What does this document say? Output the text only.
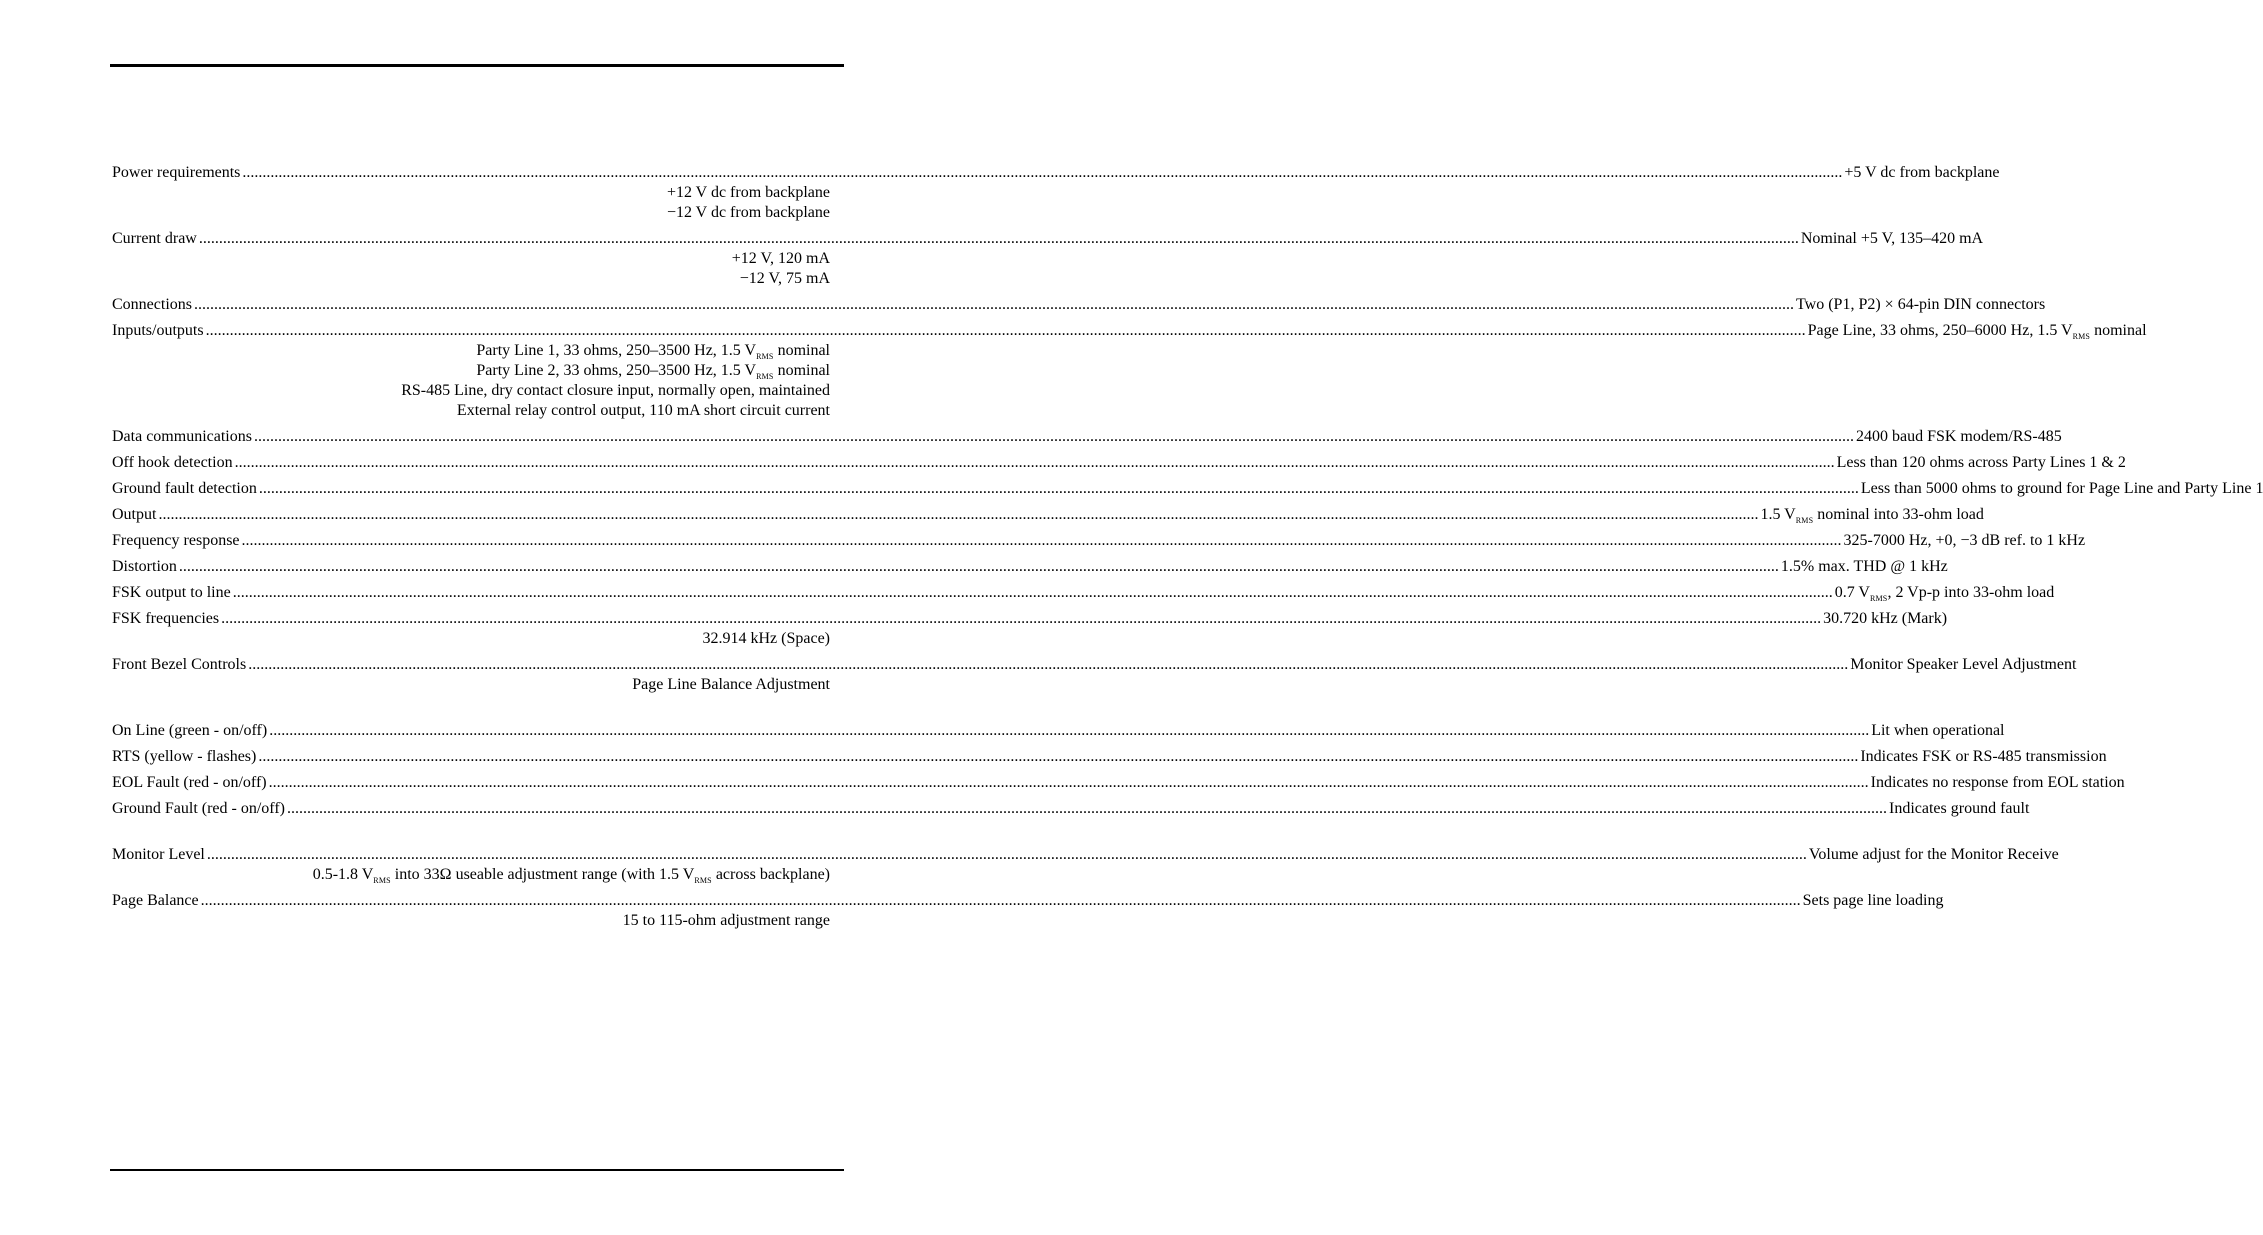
Power requirements ................................................................................................................................................................................................................................................................................................................................................................................................................ +5 V dc from backplane
+12 V dc from backplane
−12 V dc from backplane
Current draw ................................................................................................................................................................................................................................................................................................................................................................................................................ Nominal +5 V, 135–420 mA
+12 V, 120 mA
−12 V, 75 mA
Connections ................................................................................................................................................................................................................................................................................................................................................................................................................ Two (P1, P2) × 64-pin DIN connectors
Inputs/outputs ................................................................................................................................................................................................................................................................................................................................................................................................................ Page Line, 33 ohms, 250–6000 Hz, 1.5 $V_{RMS}$ nominal
Party Line 1, 33 ohms, 250–3500 Hz, 1.5 $V_{RMS}$ nominal
Party Line 2, 33 ohms, 250–3500 Hz, 1.5 $V_{RMS}$ nominal
RS-485 Line, dry contact closure input, normally open, maintained
External relay control output, 110 mA short circuit current
Data communications ................................................................................................................................................................................................................................................................................................................................................................................................................ 2400 baud FSK modem/RS-485
Off hook detection ................................................................................................................................................................................................................................................................................................................................................................................................................ Less than 120 ohms across Party Lines 1 & 2
Ground fault detection ................................................................................................................................................................................................................................................................................................................................................................................................................ Less than 5000 ohms to ground for Page Line and Party Line 1
Output ................................................................................................................................................................................................................................................................................................................................................................................................................ 1.5 $V_{RMS}$ nominal into 33-ohm load
Frequency response ................................................................................................................................................................................................................................................................................................................................................................................................................ 325-7000 Hz, +0, −3 dB ref. to 1 kHz
Distortion ................................................................................................................................................................................................................................................................................................................................................................................................................ 1.5% max. THD @ 1 kHz
FSK output to line ................................................................................................................................................................................................................................................................................................................................................................................................................ 0.7 $V_{RMS}$, 2 Vp-p into 33-ohm load
FSK frequencies ................................................................................................................................................................................................................................................................................................................................................................................................................ 30.720 kHz (Mark)
32.914 kHz (Space)
Front Bezel Controls ................................................................................................................................................................................................................................................................................................................................................................................................................ Monitor Speaker Level Adjustment
Page Line Balance Adjustment
On Line (green - on/off) ................................................................................................................................................................................................................................................................................................................................................................................................................ Lit when operational
RTS (yellow - flashes) ................................................................................................................................................................................................................................................................................................................................................................................................................ Indicates FSK or RS-485 transmission
EOL Fault (red - on/off) ................................................................................................................................................................................................................................................................................................................................................................................................................ Indicates no response from EOL station
Ground Fault (red - on/off) ................................................................................................................................................................................................................................................................................................................................................................................................................ Indicates ground fault
Monitor Level ................................................................................................................................................................................................................................................................................................................................................................................................................ Volume adjust for the Monitor Receive
0.5-1.8 $V_{RMS}$ into 33Ω useable adjustment range (with 1.5 $V_{RMS}$ across backplane)
Page Balance ................................................................................................................................................................................................................................................................................................................................................................................................................ Sets page line loading
15 to 115-ohm adjustment range
